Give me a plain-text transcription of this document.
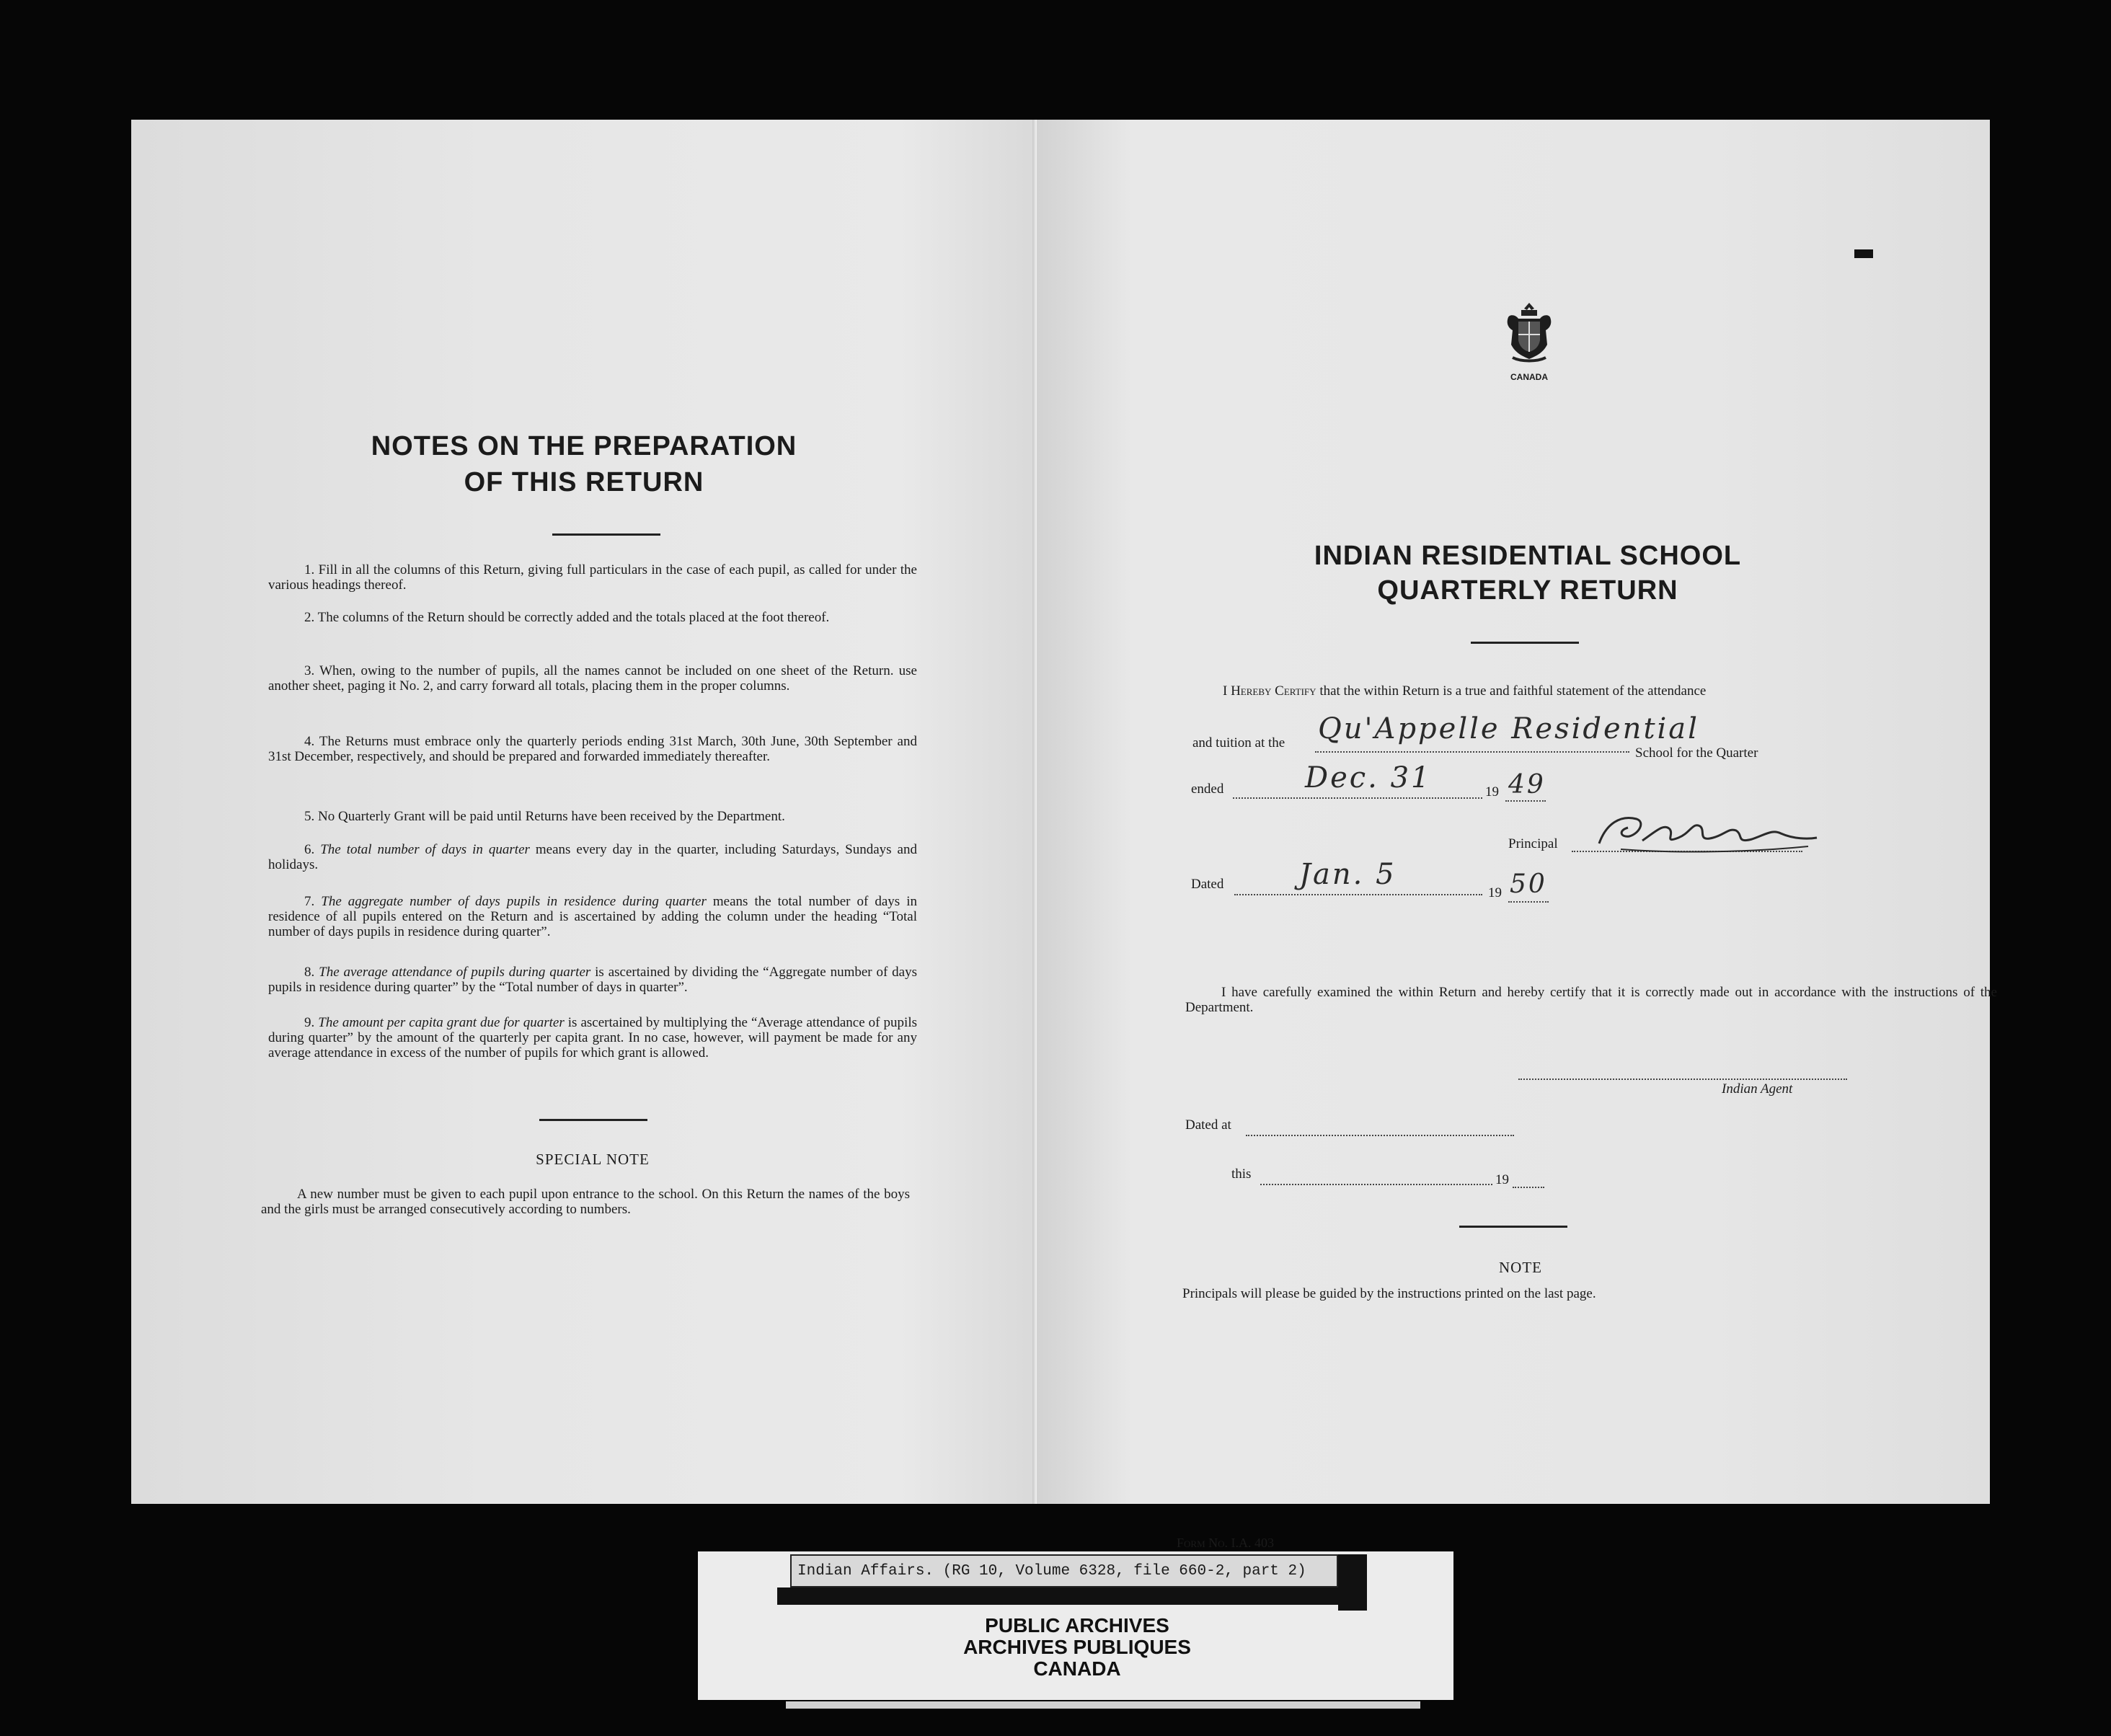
NOTES ON THE PREPARATION
OF THIS RETURN
1. Fill in all the columns of this Return, giving full particulars in the case of each pupil, as called for under the various headings thereof.
2. The columns of the Return should be correctly added and the totals placed at the foot thereof.
3. When, owing to the number of pupils, all the names cannot be included on one sheet of the Return. use another sheet, paging it No. 2, and carry forward all totals, placing them in the proper columns.
4. The Returns must embrace only the quarterly periods ending 31st March, 30th June, 30th September and 31st December, respectively, and should be prepared and forwarded immediately thereafter.
5. No Quarterly Grant will be paid until Returns have been received by the Department.
6. The total number of days in quarter means every day in the quarter, including Saturdays, Sundays and holidays.
7. The aggregate number of days pupils in residence during quarter means the total number of days in residence of all pupils entered on the Return and is ascertained by adding the column under the heading “Total number of days pupils in residence during quarter”.
8. The average attendance of pupils during quarter is ascertained by dividing the “Aggregate number of days pupils in residence during quarter” by the “Total number of days in quarter”.
9. The amount per capita grant due for quarter is ascertained by multiplying the “Average attendance of pupils during quarter” by the amount of the quarterly per capita grant. In no case, however, will payment be made for any average attendance in excess of the number of pupils for which grant is allowed.
SPECIAL NOTE
A new number must be given to each pupil upon entrance to the school. On this Return the names of the boys and the girls must be arranged consecutively according to numbers.
CANADA
INDIAN RESIDENTIAL SCHOOL
QUARTERLY RETURN
I Hereby Certify that the within Return is a true and faithful statement of the attendance
and tuition at the Qu'Appelle Residential
School for the Quarter
ended	Dec. 31	19 49
Principal
Dated	Jan. 5
19 50
I have carefully examined the within Return and hereby certify that it is correctly made out in accordance with the instructions of the Department.
Indian Agent
Dated at
this	19
NOTE
Principals will please be guided by the instructions printed on the last page.
Form No. I.A. 403
Indian Affairs. (RG 10, Volume 6328, file 660-2, part 2)
PUBLIC ARCHIVES
ARCHIVES PUBLIQUES
CANADA
